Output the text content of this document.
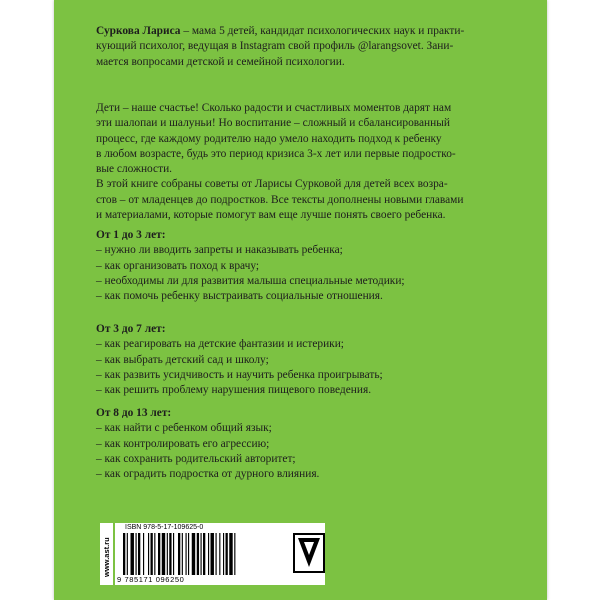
Суркова Лариса – мама 5 детей, кандидат психологических наук и практи-

кующий психолог, ведущая в Instagram свой профиль @larangsovet. Зани-

мается вопросами детской и семейной психологии.

Дети – наше счастье! Сколько радости и счастливых моментов дарят нам

эти шалопаи и шалуньи! Но воспитание – сложный и сбалансированный

процесс, где каждому родителю надо умело находить подход к ребенку

в любом возрасте, будь это период кризиса 3-х лет или первые подростко-

вые сложности.

В этой книге собраны советы от Ларисы Сурковой для детей всех возра-

стов – от младенцев до подростков. Все тексты дополнены новыми главами

и материалами, которые помогут вам еще лучше понять своего ребенка.

От 1 до 3 лет:

– нужно ли вводить запреты и наказывать ребенка;

– как организовать поход к врачу;

– необходимы ли для развития малыша специальные методики;

– как помочь ребенку выстраивать социальные отношения.

От 3 до 7 лет:

– как реагировать на детские фантазии и истерики;

– как выбрать детский сад и школу;

– как развить усидчивость и научить ребенка проигрывать;

– как решить проблему нарушения пищевого поведения.

От 8 до 13 лет:

– как найти с ребенком общий язык;

– как контролировать его агрессию;

– как сохранить родительский авторитет;

– как оградить подростка от дурного влияния.

www.ast.ru
ISBN 978-5-17-109625-0
9 785171 096250
